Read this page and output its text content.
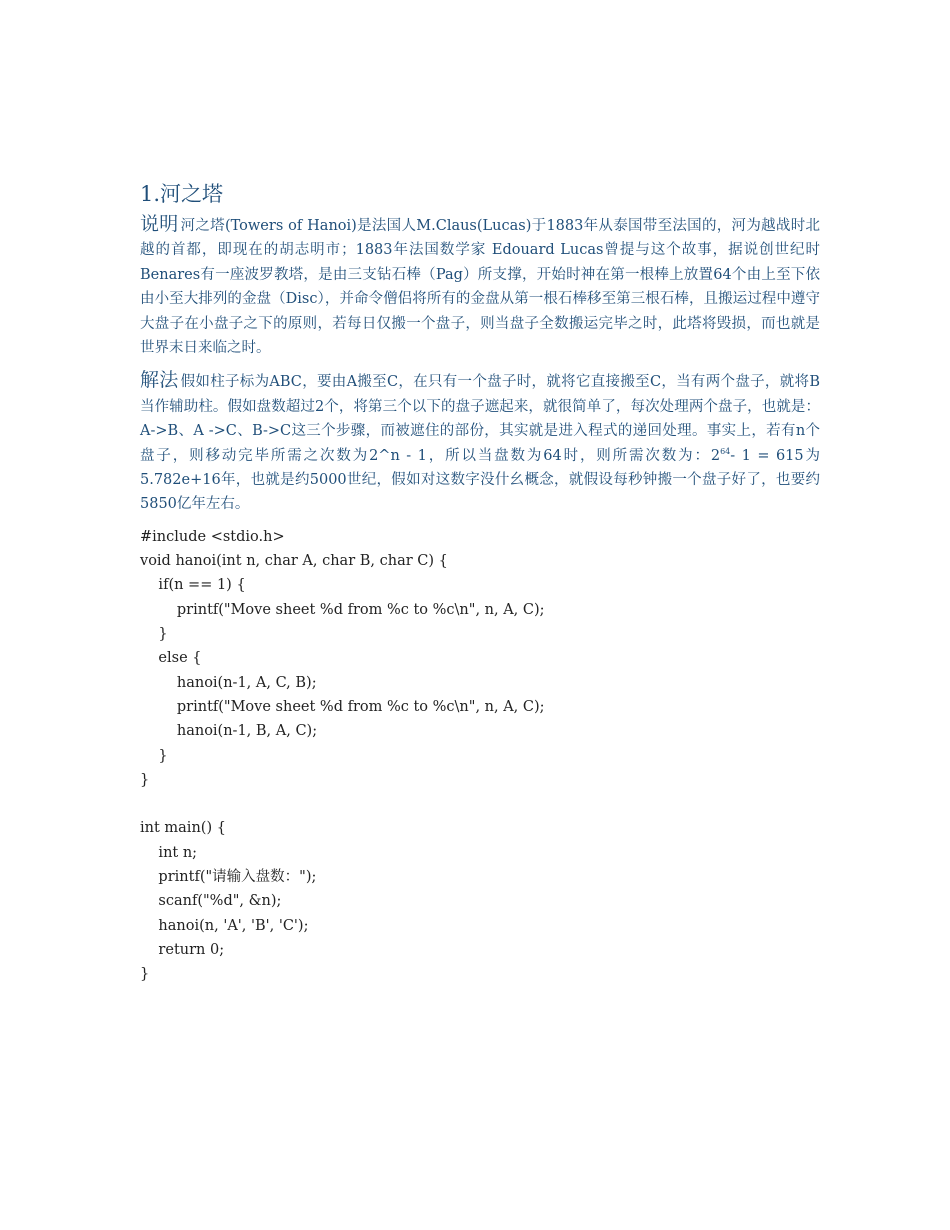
1.河之塔

说明 河之塔(Towers of Hanoi)是法国人M.Claus(Lucas)于1883年从泰国带至法国的，河为越战时北越的首都，即现在的胡志明市；1883年法国数学家 Edouard Lucas曾提与这个故事，据说创世纪时Benares有一座波罗教塔，是由三支钻石棒（Pag）所支撑，开始时神在第一根棒上放置64个由上至下依由小至大排列的金盘（Disc），并命令僧侣将所有的金盘从第一根石棒移至第三根石棒，且搬运过程中遵守大盘子在小盘子之下的原则，若每日仅搬一个盘子，则当盘子全数搬运完毕之时，此塔将毁损，而也就是世界末日来临之时。

解法 假如柱子标为ABC，要由A搬至C，在只有一个盘子时，就将它直接搬至C，当有两个盘子，就将B当作辅助柱。假如盘数超过2个，将第三个以下的盘子遮起来，就很简单了，每次处理两个盘子，也就是：A->B、A ->C、B->C这三个步骤，而被遮住的部份，其实就是进入程式的递回处理。事实上，若有n个盘子，则移动完毕所需之次数为2^n - 1，所以当盘数为64时，则所需次数为：$2^{64}-$ 1 = 615为5.782e+16年，也就是约5000世纪，假如对这数字没什幺概念，就假设每秒钟搬一个盘子好了，也要约5850亿年左右。

#include <stdio.h>
void hanoi(int n, char A, char B, char C) {
if(n == 1) {
printf("Move sheet %d from %c to %c\n", n, A, C);
}
else {
hanoi(n-1, A, C, B);
printf("Move sheet %d from %c to %c\n", n, A, C);
hanoi(n-1, B, A, C);
}
}
int main() {
int n;
printf("请输入盘数：");
scanf("%d", &n);
hanoi(n, 'A', 'B', 'C');
return 0;
}
